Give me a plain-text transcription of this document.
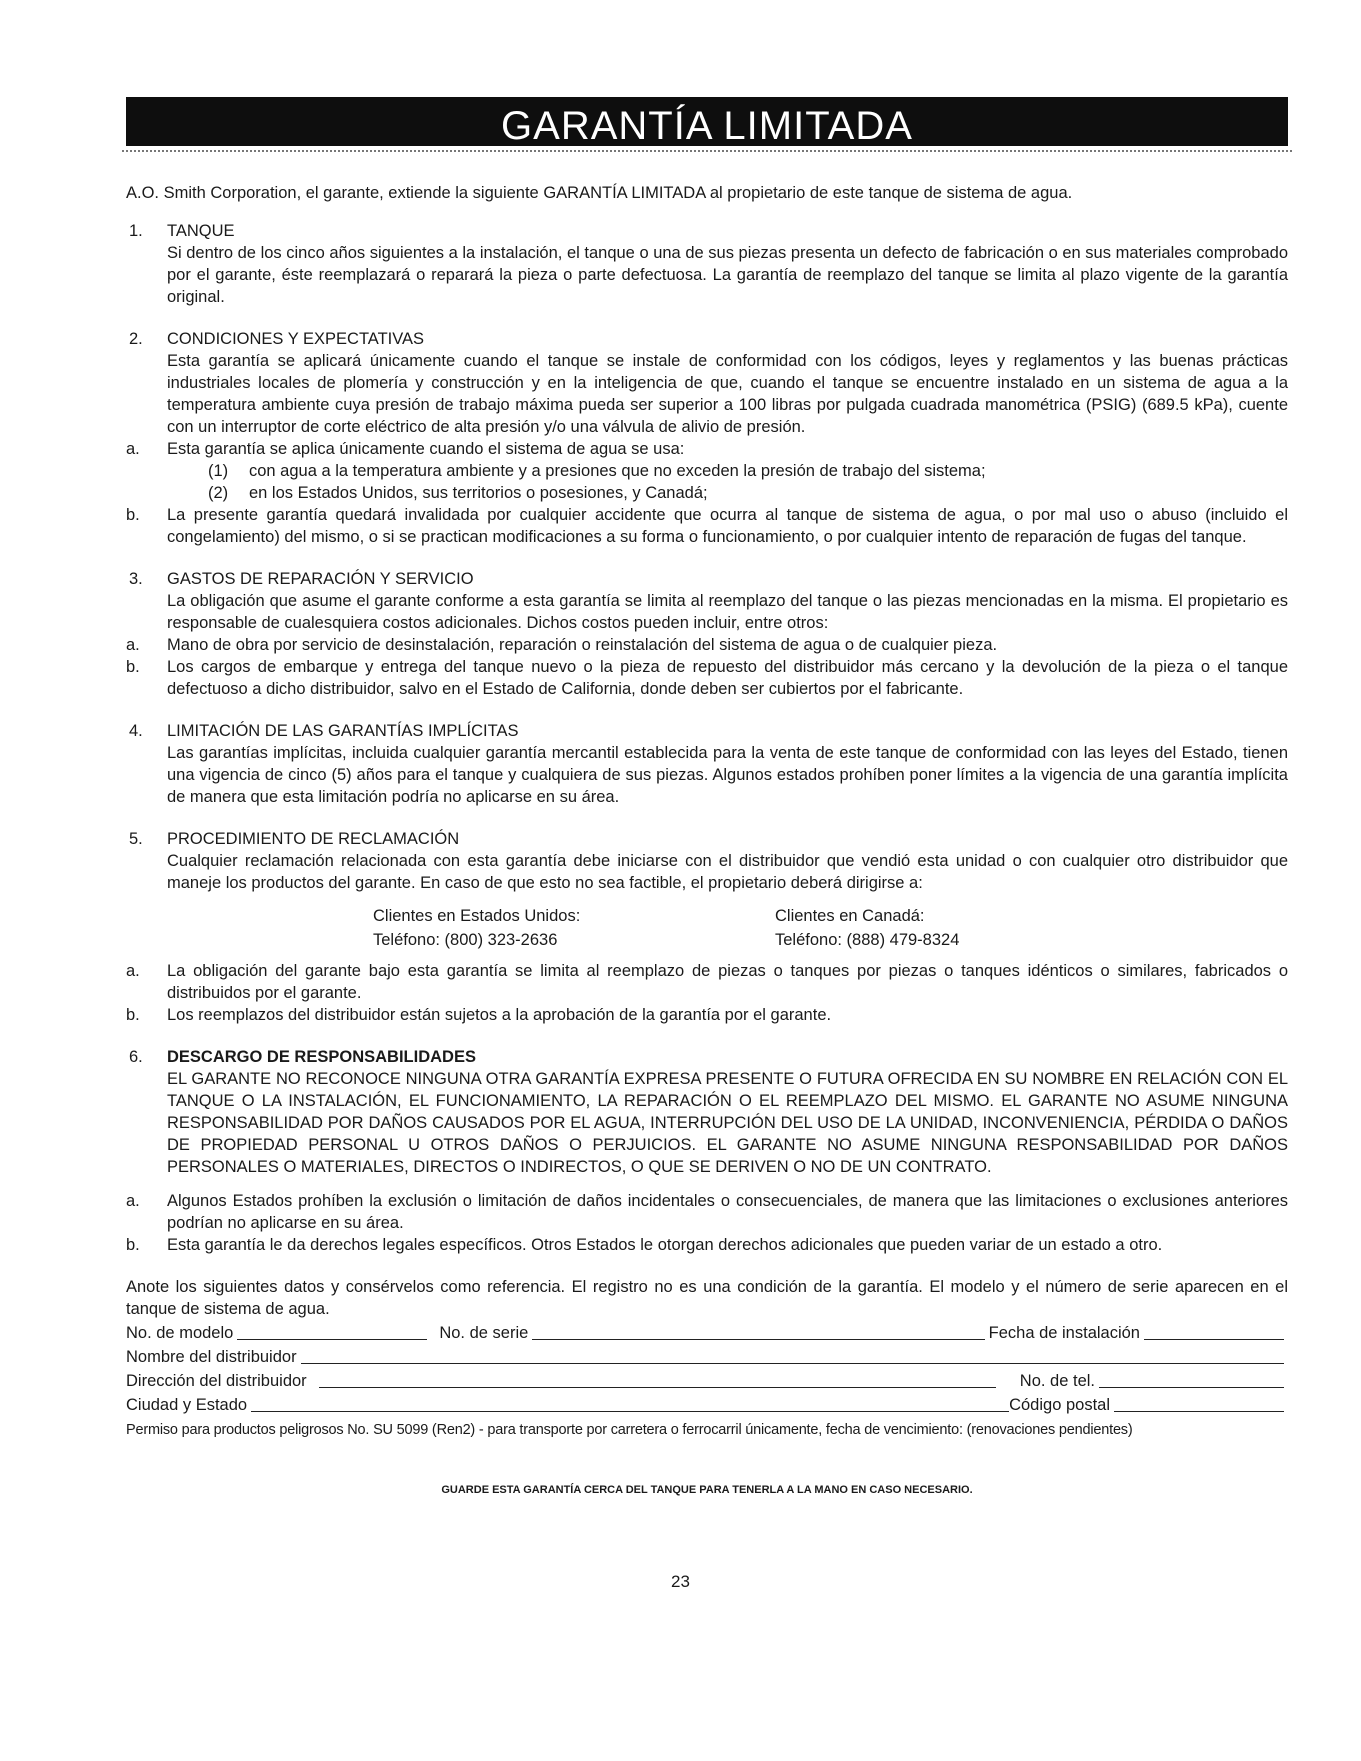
GARANTÍA LIMITADA

A.O. Smith Corporation, el garante, extiende la siguiente GARANTÍA LIMITADA al propietario de este tanque de sistema de agua.

1. TANQUE

Si dentro de los cinco años siguientes a la instalación, el tanque o una de sus piezas presenta un defecto de fabricación o en sus materiales comprobado por el garante, éste reemplazará o reparará la pieza o parte defectuosa. La garantía de reemplazo del tanque se limita al plazo vigente de la garantía original.

2. CONDICIONES Y EXPECTATIVAS

Esta garantía se aplicará únicamente cuando el tanque se instale de conformidad con los códigos, leyes y reglamentos y las buenas prácticas industriales locales de plomería y construcción y en la inteligencia de que, cuando el tanque se encuentre instalado en un sistema de agua a la temperatura ambiente cuya presión de trabajo máxima pueda ser superior a 100 libras por pulgada cuadrada manométrica (PSIG) (689.5 kPa), cuente con un interruptor de corte eléctrico de alta presión y/o una válvula de alivio de presión.

a. Esta garantía se aplica únicamente cuando el sistema de agua se usa:

(1) con agua a la temperatura ambiente y a presiones que no exceden la presión de trabajo del sistema;

(2) en los Estados Unidos, sus territorios o posesiones, y Canadá;

b. La presente garantía quedará invalidada por cualquier accidente que ocurra al tanque de sistema de agua, o por mal uso o abuso (incluido el congelamiento) del mismo, o si se practican modificaciones a su forma o funcionamiento, o por cualquier intento de reparación de fugas del tanque.

3. GASTOS DE REPARACIÓN Y SERVICIO

La obligación que asume el garante conforme a esta garantía se limita al reemplazo del tanque o las piezas mencionadas en la misma. El propietario es responsable de cualesquiera costos adicionales. Dichos costos pueden incluir, entre otros:

a. Mano de obra por servicio de desinstalación, reparación o reinstalación del sistema de agua o de cualquier pieza.

b. Los cargos de embarque y entrega del tanque nuevo o la pieza de repuesto del distribuidor más cercano y la devolución de la pieza o el tanque defectuoso a dicho distribuidor, salvo en el Estado de California, donde deben ser cubiertos por el fabricante.

4. LIMITACIÓN DE LAS GARANTÍAS IMPLÍCITAS

Las garantías implícitas, incluida cualquier garantía mercantil establecida para la venta de este tanque de conformidad con las leyes del Estado, tienen una vigencia de cinco (5) años para el tanque y cualquiera de sus piezas. Algunos estados prohíben poner límites a la vigencia de una garantía implícita de manera que esta limitación podría no aplicarse en su área.

5. PROCEDIMIENTO DE RECLAMACIÓN

Cualquier reclamación relacionada con esta garantía debe iniciarse con el distribuidor que vendió esta unidad o con cualquier otro distribuidor que maneje los productos del garante. En caso de que esto no sea factible, el propietario deberá dirigirse a:

Clientes en Estados Unidos:
Teléfono: (800) 323-2636
Clientes en Canadá:
Teléfono: (888) 479-8324
a. La obligación del garante bajo esta garantía se limita al reemplazo de piezas o tanques por piezas o tanques idénticos o similares, fabricados o distribuidos por el garante.

b. Los reemplazos del distribuidor están sujetos a la aprobación de la garantía por el garante.

6. DESCARGO DE RESPONSABILIDADES

EL GARANTE NO RECONOCE NINGUNA OTRA GARANTÍA EXPRESA PRESENTE O FUTURA OFRECIDA EN SU NOMBRE EN RELACIÓN CON EL TANQUE O LA INSTALACIÓN, EL FUNCIONAMIENTO, LA REPARACIÓN O EL REEMPLAZO DEL MISMO. EL GARANTE NO ASUME NINGUNA RESPONSABILIDAD POR DAÑOS CAUSADOS POR EL AGUA, INTERRUPCIÓN DEL USO DE LA UNIDAD, INCONVENIENCIA, PÉRDIDA O DAÑOS DE PROPIEDAD PERSONAL U OTROS DAÑOS O PERJUICIOS. EL GARANTE NO ASUME NINGUNA RESPONSABILIDAD POR DAÑOS PERSONALES O MATERIALES, DIRECTOS O INDIRECTOS, O QUE SE DERIVEN O NO DE UN CONTRATO.

a. Algunos Estados prohíben la exclusión o limitación de daños incidentales o consecuenciales, de manera que las limitaciones o exclusiones anteriores podrían no aplicarse en su área.

b. Esta garantía le da derechos legales específicos. Otros Estados le otorgan derechos adicionales que pueden variar de un estado a otro.

Anote los siguientes datos y consérvelos como referencia. El registro no es una condición de la garantía. El modelo y el número de serie aparecen en el tanque de sistema de agua.

No. de modelo	No. de serie	Fecha de instalación
Nombre del distribuidor
Dirección del distribuidor	No. de tel.
Ciudad y Estado	Código postal

Permiso para productos peligrosos No. SU 5099 (Ren2) - para transporte por carretera o ferrocarril únicamente, fecha de vencimiento: (renovaciones pendientes)

GUARDE ESTA GARANTÍA CERCA DEL TANQUE PARA TENERLA A LA MANO EN CASO NECESARIO.
23
